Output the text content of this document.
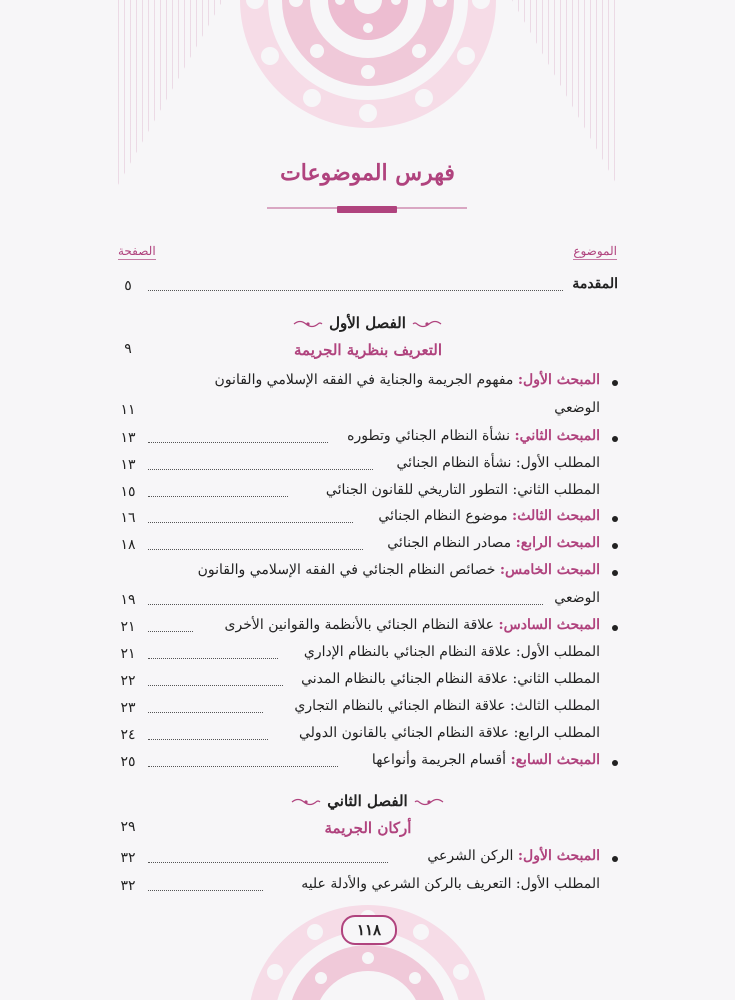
فهرس الموضوعات
الموضوع
الصفحة
٥	المقدمة
الفصل الأول
٩	التعريف بنظرية الجريمة
المبحث الأول: مفهوم الجريمة والجناية في الفقه الإسلامي والقانون
١١	الوضعي
١٣	المبحث الثاني: نشأة النظام الجنائي وتطوره
١٣	المطلب الأول: نشأة النظام الجنائي
١٥	المطلب الثاني: التطور التاريخي للقانون الجنائي
١٦	المبحث الثالث: موضوع النظام الجنائي
١٨	المبحث الرابع: مصادر النظام الجنائي
المبحث الخامس: خصائص النظام الجنائي في الفقه الإسلامي والقانون
١٩	الوضعي
٢١	المبحث السادس: علاقة النظام الجنائي بالأنظمة والقوانين الأخرى
٢١	المطلب الأول: علاقة النظام الجنائي بالنظام الإداري
٢٢	المطلب الثاني: علاقة النظام الجنائي بالنظام المدني
٢٣	المطلب الثالث: علاقة النظام الجنائي بالنظام التجاري
٢٤	المطلب الرابع: علاقة النظام الجنائي بالقانون الدولي
٢٥	المبحث السابع: أقسام الجريمة وأنواعها
الفصل الثاني
٢٩	أركان الجريمة
٣٢	المبحث الأول: الركن الشرعي
٣٢	المطلب الأول: التعريف بالركن الشرعي والأدلة عليه
١١٨
